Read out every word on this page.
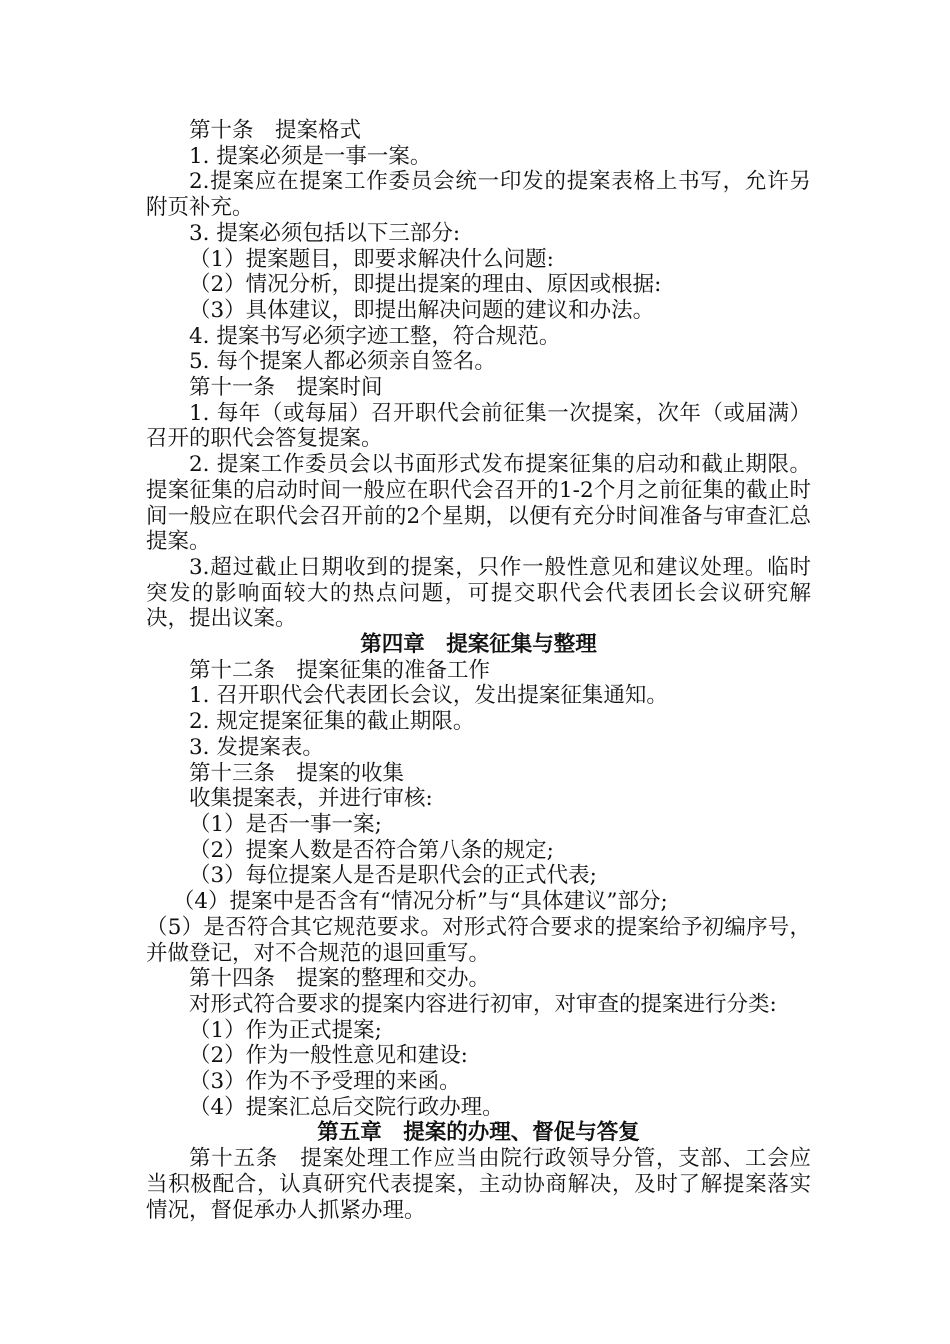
第十条　提案格式

1. 提案必须是一事一案。

2.提案应在提案工作委员会统一印发的提案表格上书写，允许另附页补充。

3. 提案必须包括以下三部分:

（1）提案题目，即要求解决什么问题:

（2）情况分析，即提出提案的理由、原因或根据:

（3）具体建议，即提出解决问题的建议和办法。

4. 提案书写必须字迹工整，符合规范。

5. 每个提案人都必须亲自签名。

第十一条　提案时间

1. 每年（或每届）召开职代会前征集一次提案，次年（或届满）召开的职代会答复提案。

2. 提案工作委员会以书面形式发布提案征集的启动和截止期限。提案征集的启动时间一般应在职代会召开的1-2个月之前征集的截止时间一般应在职代会召开前的2个星期，以便有充分时间准备与审查汇总提案。

3.超过截止日期收到的提案，只作一般性意见和建议处理。临时突发的影响面较大的热点问题，可提交职代会代表团长会议研究解决，提出议案。

第四章　提案征集与整理

第十二条　提案征集的准备工作

1. 召开职代会代表团长会议，发出提案征集通知。

2. 规定提案征集的截止期限。

3. 发提案表。

第十三条　提案的收集

收集提案表，并进行审核:

（1）是否一事一案;

（2）提案人数是否符合第八条的规定;

（3）每位提案人是否是职代会的正式代表;

（4）提案中是否含有“情况分析”与“具体建议”部分;

（5）是否符合其它规范要求。对形式符合要求的提案给予初编序号，并做登记，对不合规范的退回重写。

第十四条　提案的整理和交办。

对形式符合要求的提案内容进行初审，对审查的提案进行分类:

（1）作为正式提案;

（2）作为一般性意见和建设:

（3）作为不予受理的来函。

（4）提案汇总后交院行政办理。

第五章　提案的办理、督促与答复

第十五条　提案处理工作应当由院行政领导分管，支部、工会应当积极配合，认真研究代表提案，主动协商解决，及时了解提案落实情况，督促承办人抓紧办理。
